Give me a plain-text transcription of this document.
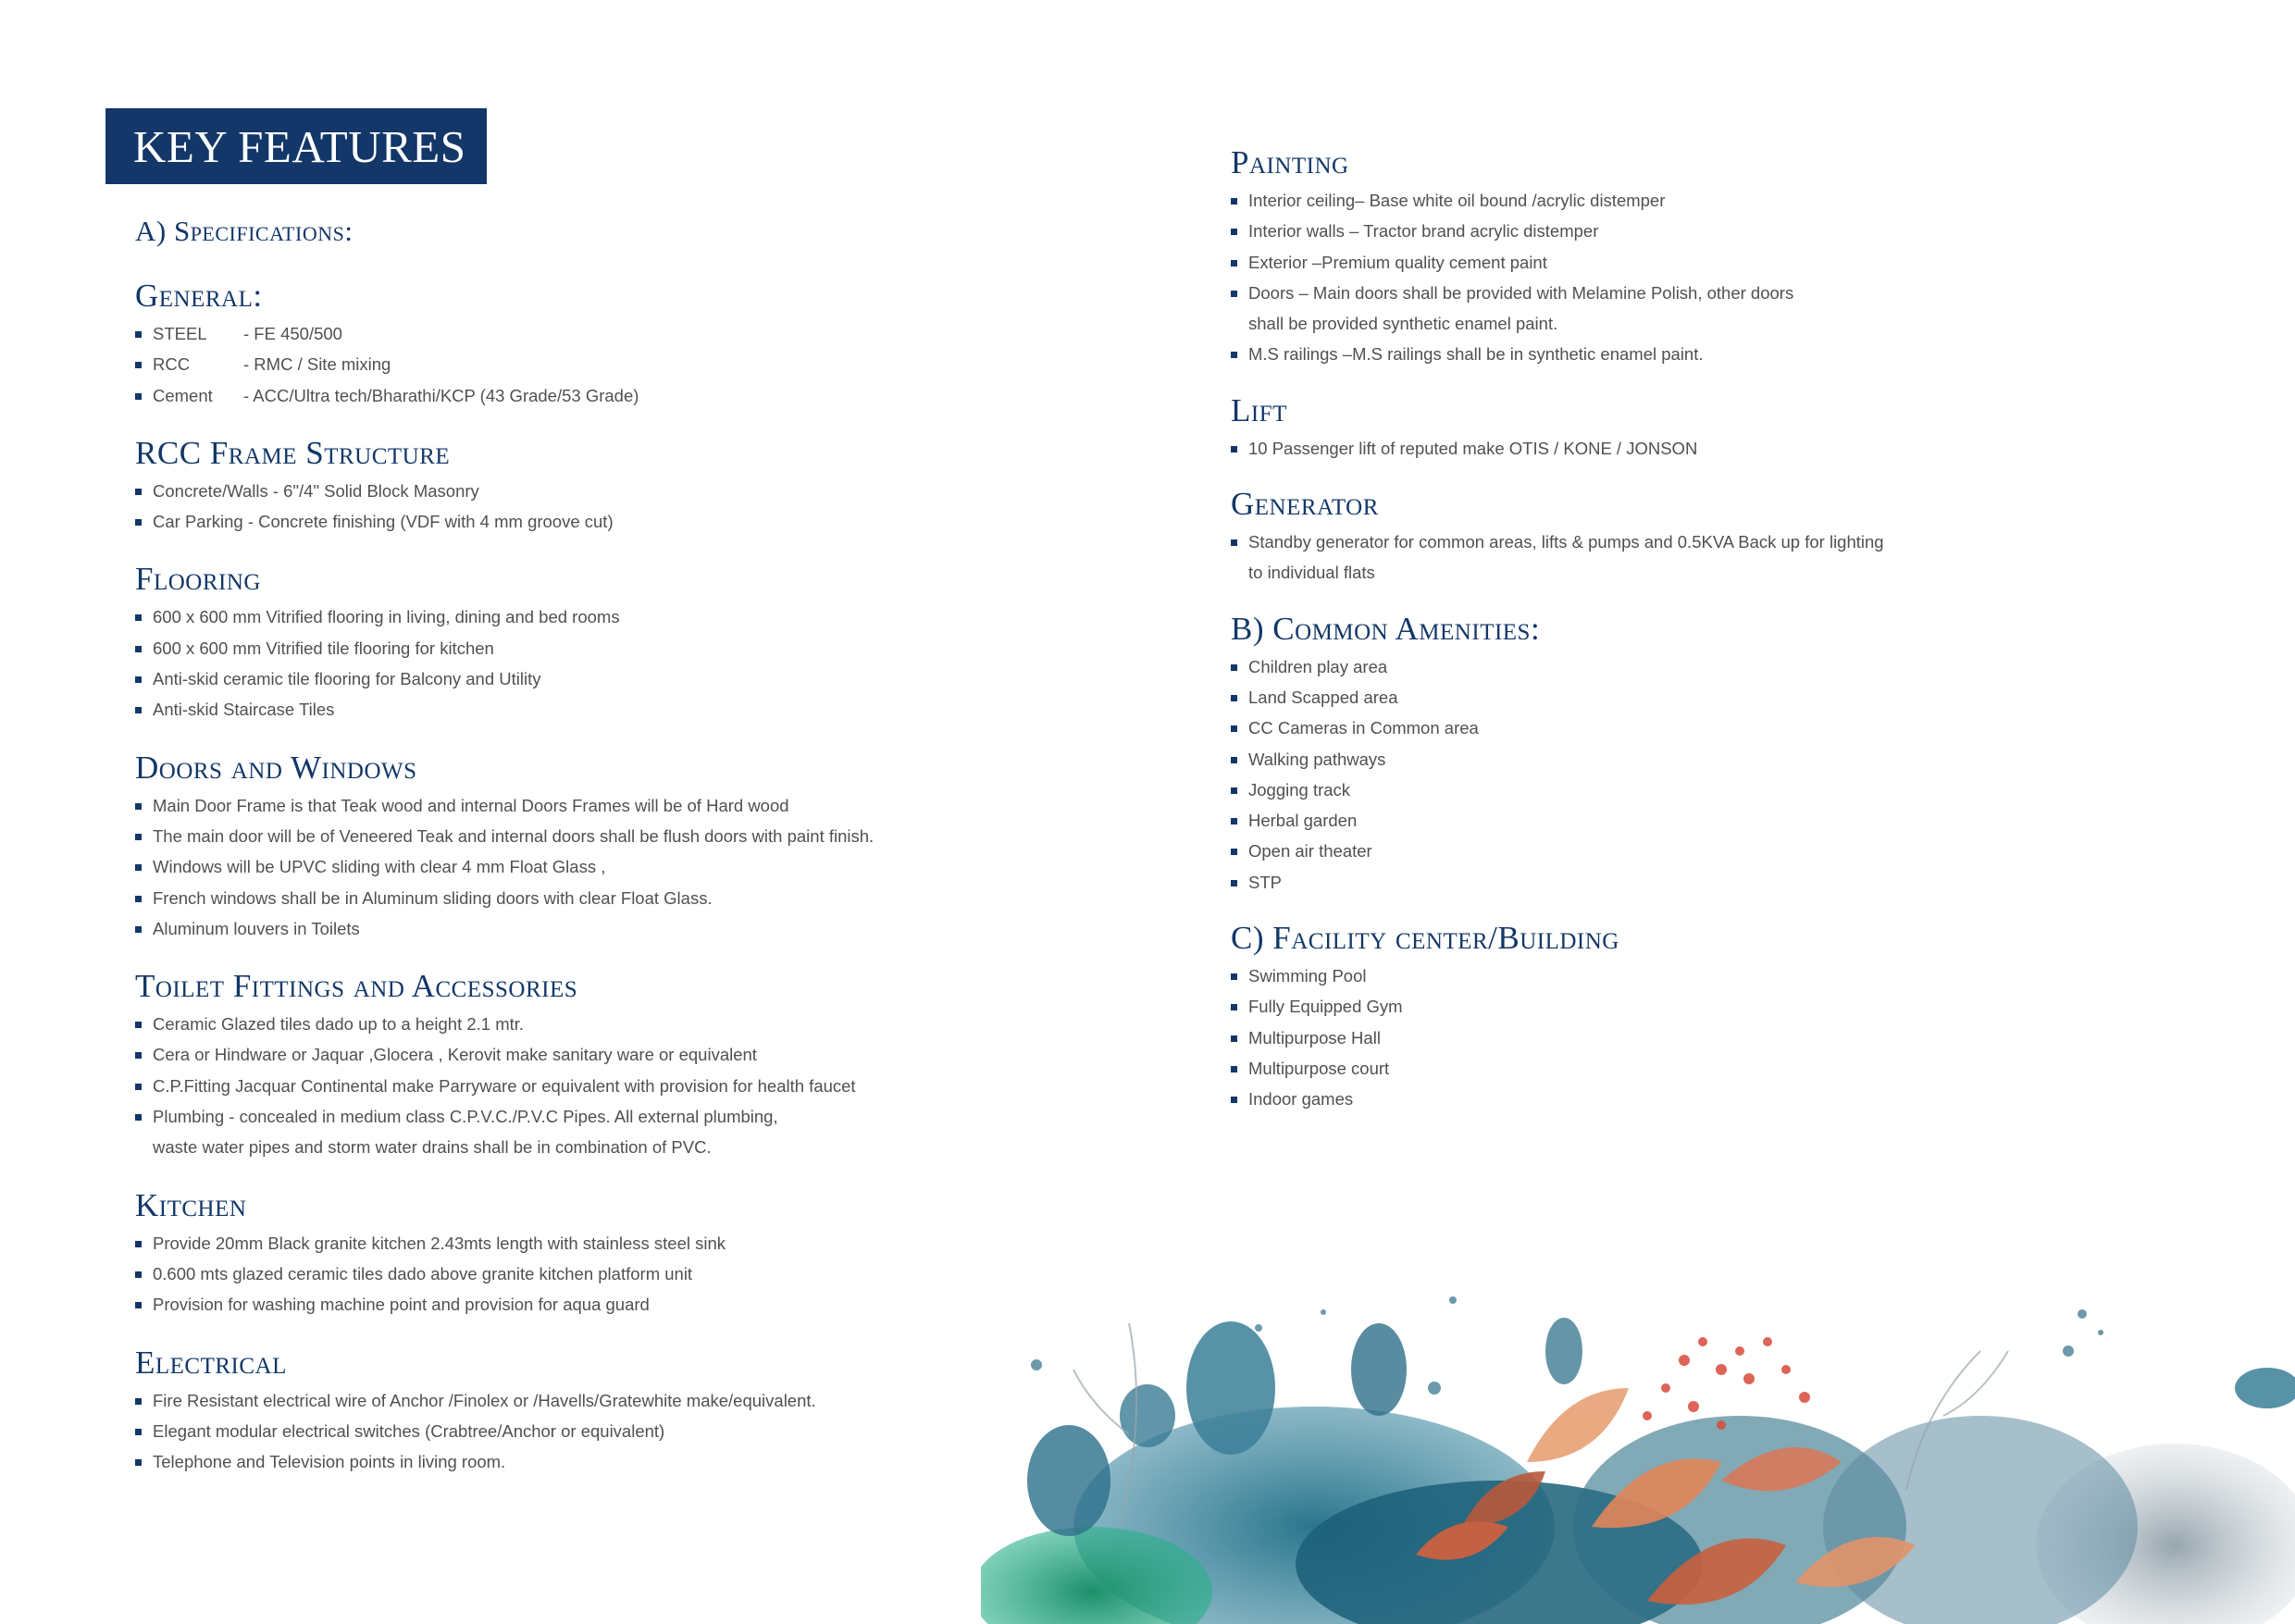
KEY FEATURES
A) Specifications:
General:
STEEL - FE 450/500
RCC	- RMC / Site mixing
Cement - ACC/Ultra tech/Bharathi/KCP (43 Grade/53 Grade)
RCC Frame Structure
Concrete/Walls - 6"/4" Solid Block Masonry
Car Parking - Concrete finishing (VDF with 4 mm groove cut)
Flooring
600 x 600 mm Vitrified flooring in living, dining and bed rooms
600 x 600 mm Vitrified tile flooring for kitchen
Anti-skid ceramic tile flooring for Balcony and Utility
Anti-skid Staircase Tiles
Doors and Windows
Main Door Frame is that Teak wood and internal Doors Frames will be of Hard wood
The main door will be of Veneered Teak and internal doors shall be flush doors with paint finish.
Windows will be UPVC sliding with clear 4 mm Float Glass ,
French windows shall be in Aluminum sliding doors with clear Float Glass.
Aluminum louvers in Toilets
Toilet Fittings and Accessories
Ceramic Glazed tiles dado up to a height 2.1 mtr.
Cera or Hindware or Jaquar ,Glocera , Kerovit make sanitary ware or equivalent
C.P.Fitting Jacquar Continental make Parryware or equivalent with provision for health faucet
Plumbing - concealed in medium class C.P.V.C./P.V.C Pipes. All external plumbing,
waste water pipes and storm water drains shall be in combination of PVC.
Kitchen
Provide 20mm Black granite kitchen 2.43mts length with stainless steel sink
0.600 mts glazed ceramic tiles dado above granite kitchen platform unit
Provision for washing machine point and provision for aqua guard
Electrical
Fire Resistant electrical wire of Anchor /Finolex or /Havells/Gratewhite make/equivalent.
Elegant modular electrical switches (Crabtree/Anchor or equivalent)
Telephone and Television points in living room.
Painting
Interior ceiling– Base white oil bound /acrylic distemper
Interior walls – Tractor brand acrylic distemper
Exterior –Premium quality cement paint
Doors – Main doors shall be provided with Melamine Polish, other doors
shall be provided synthetic enamel paint.
M.S railings –M.S railings shall be in synthetic enamel paint.
Lift
10 Passenger lift of reputed make OTIS / KONE / JONSON
Generator
Standby generator for common areas, lifts & pumps and 0.5KVA Back up for lighting
to individual flats
B) Common Amenities:
Children play area
Land Scapped area
CC Cameras in Common area
Walking pathways
Jogging track
Herbal garden
Open air theater
STP
C) Facility center/Building
Swimming Pool
Fully Equipped Gym
Multipurpose Hall
Multipurpose court
Indoor games
